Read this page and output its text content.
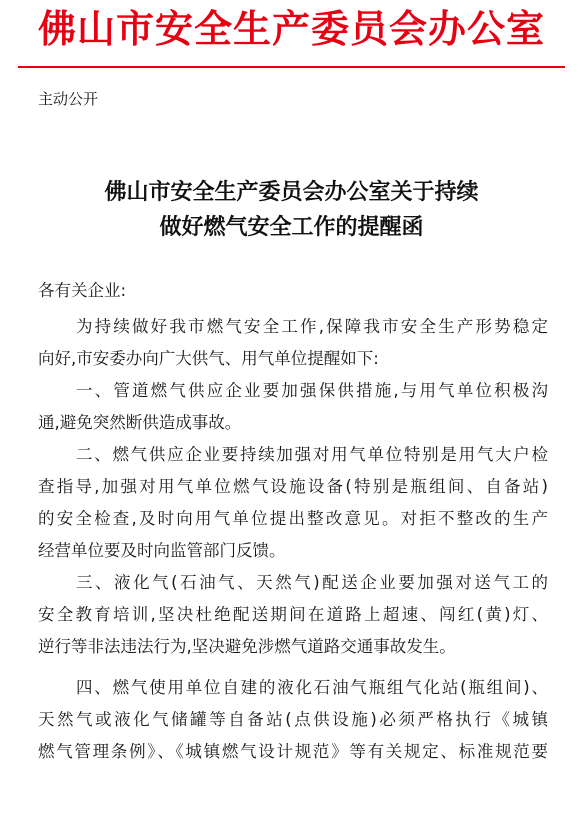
佛山市安全生产委员会办公室
主动公开
佛山市安全生产委员会办公室关于持续
做好燃气安全工作的提醒函
各有关企业:
为持续做好我市燃气安全工作,保障我市安全生产形势稳定
向好,市安委办向广大供气、用气单位提醒如下:
一、管道燃气供应企业要加强保供措施,与用气单位积极沟
通,避免突然断供造成事故。
二、燃气供应企业要持续加强对用气单位特别是用气大户检
查指导,加强对用气单位燃气设施设备(特别是瓶组间、自备站)
的安全检查,及时向用气单位提出整改意见。对拒不整改的生产
经营单位要及时向监管部门反馈。
三、液化气(石油气、天然气)配送企业要加强对送气工的
安全教育培训,坚决杜绝配送期间在道路上超速、闯红(黄)灯、
逆行等非法违法行为,坚决避免涉燃气道路交通事故发生。
四、燃气使用单位自建的液化石油气瓶组气化站(瓶组间)、
天然气或液化气储罐等自备站(点供设施)必须严格执行《城镇
燃气管理条例》、《城镇燃气设计规范》等有关规定、标准规范要
